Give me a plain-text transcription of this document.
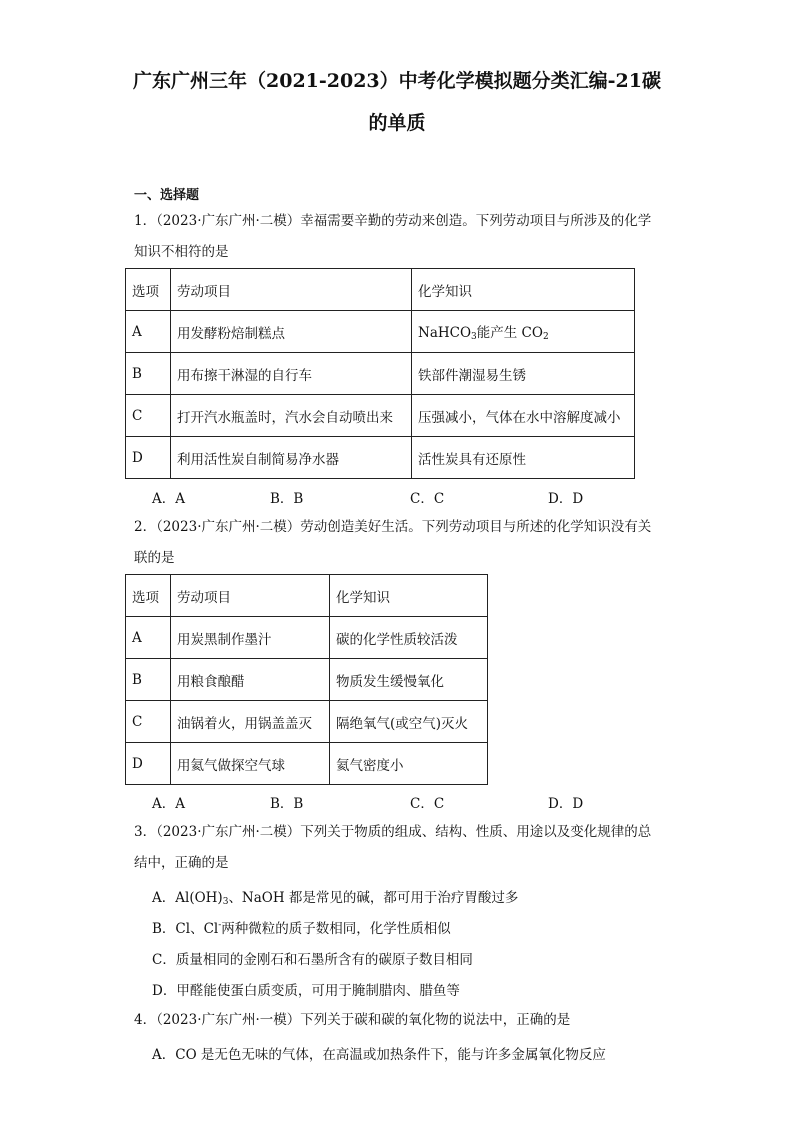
广东广州三年（2021-2023）中考化学模拟题分类汇编-21碳
的单质
一、选择题
1．（2023·广东广州·二模）幸福需要辛勤的劳动来创造。下列劳动项目与所涉及的化学
知识不相符的是
选项	劳动项目	化学知识
A	用发酵粉焙制糕点	NaHCO$_3$能产生 $CO_2$
B	用布擦干淋湿的自行车	铁部件潮湿易生锈
C	打开汽水瓶盖时，汽水会自动喷出来	压强减小，气体在水中溶解度减小
D	利用活性炭自制简易净水器	活性炭具有还原性
A．A	B．B	C．C	D．D
2．（2023·广东广州·二模）劳动创造美好生活。下列劳动项目与所述的化学知识没有关
联的是
选项	劳动项目	化学知识
A	用炭黑制作墨汁	碳的化学性质较活泼
B	用粮食酿醋	物质发生缓慢氧化
C	油锅着火，用锅盖盖灭	隔绝氧气(或空气)灭火
D	用氦气做探空气球	氦气密度小
A．A	B．B	C．C	D．D
3．（2023·广东广州·二模）下列关于物质的组成、结构、性质、用途以及变化规律的总
结中，正确的是
A．$Al(OH)_3$、NaOH 都是常见的碱，都可用于治疗胃酸过多
B．Cl、Cl-两种微粒的质子数相同，化学性质相似
C．质量相同的金刚石和石墨所含有的碳原子数目相同
D．甲醛能使蛋白质变质，可用于腌制腊肉、腊鱼等
4．（2023·广东广州·一模）下列关于碳和碳的氧化物的说法中，正确的是
A．CO 是无色无味的气体，在高温或加热条件下，能与许多金属氧化物反应
